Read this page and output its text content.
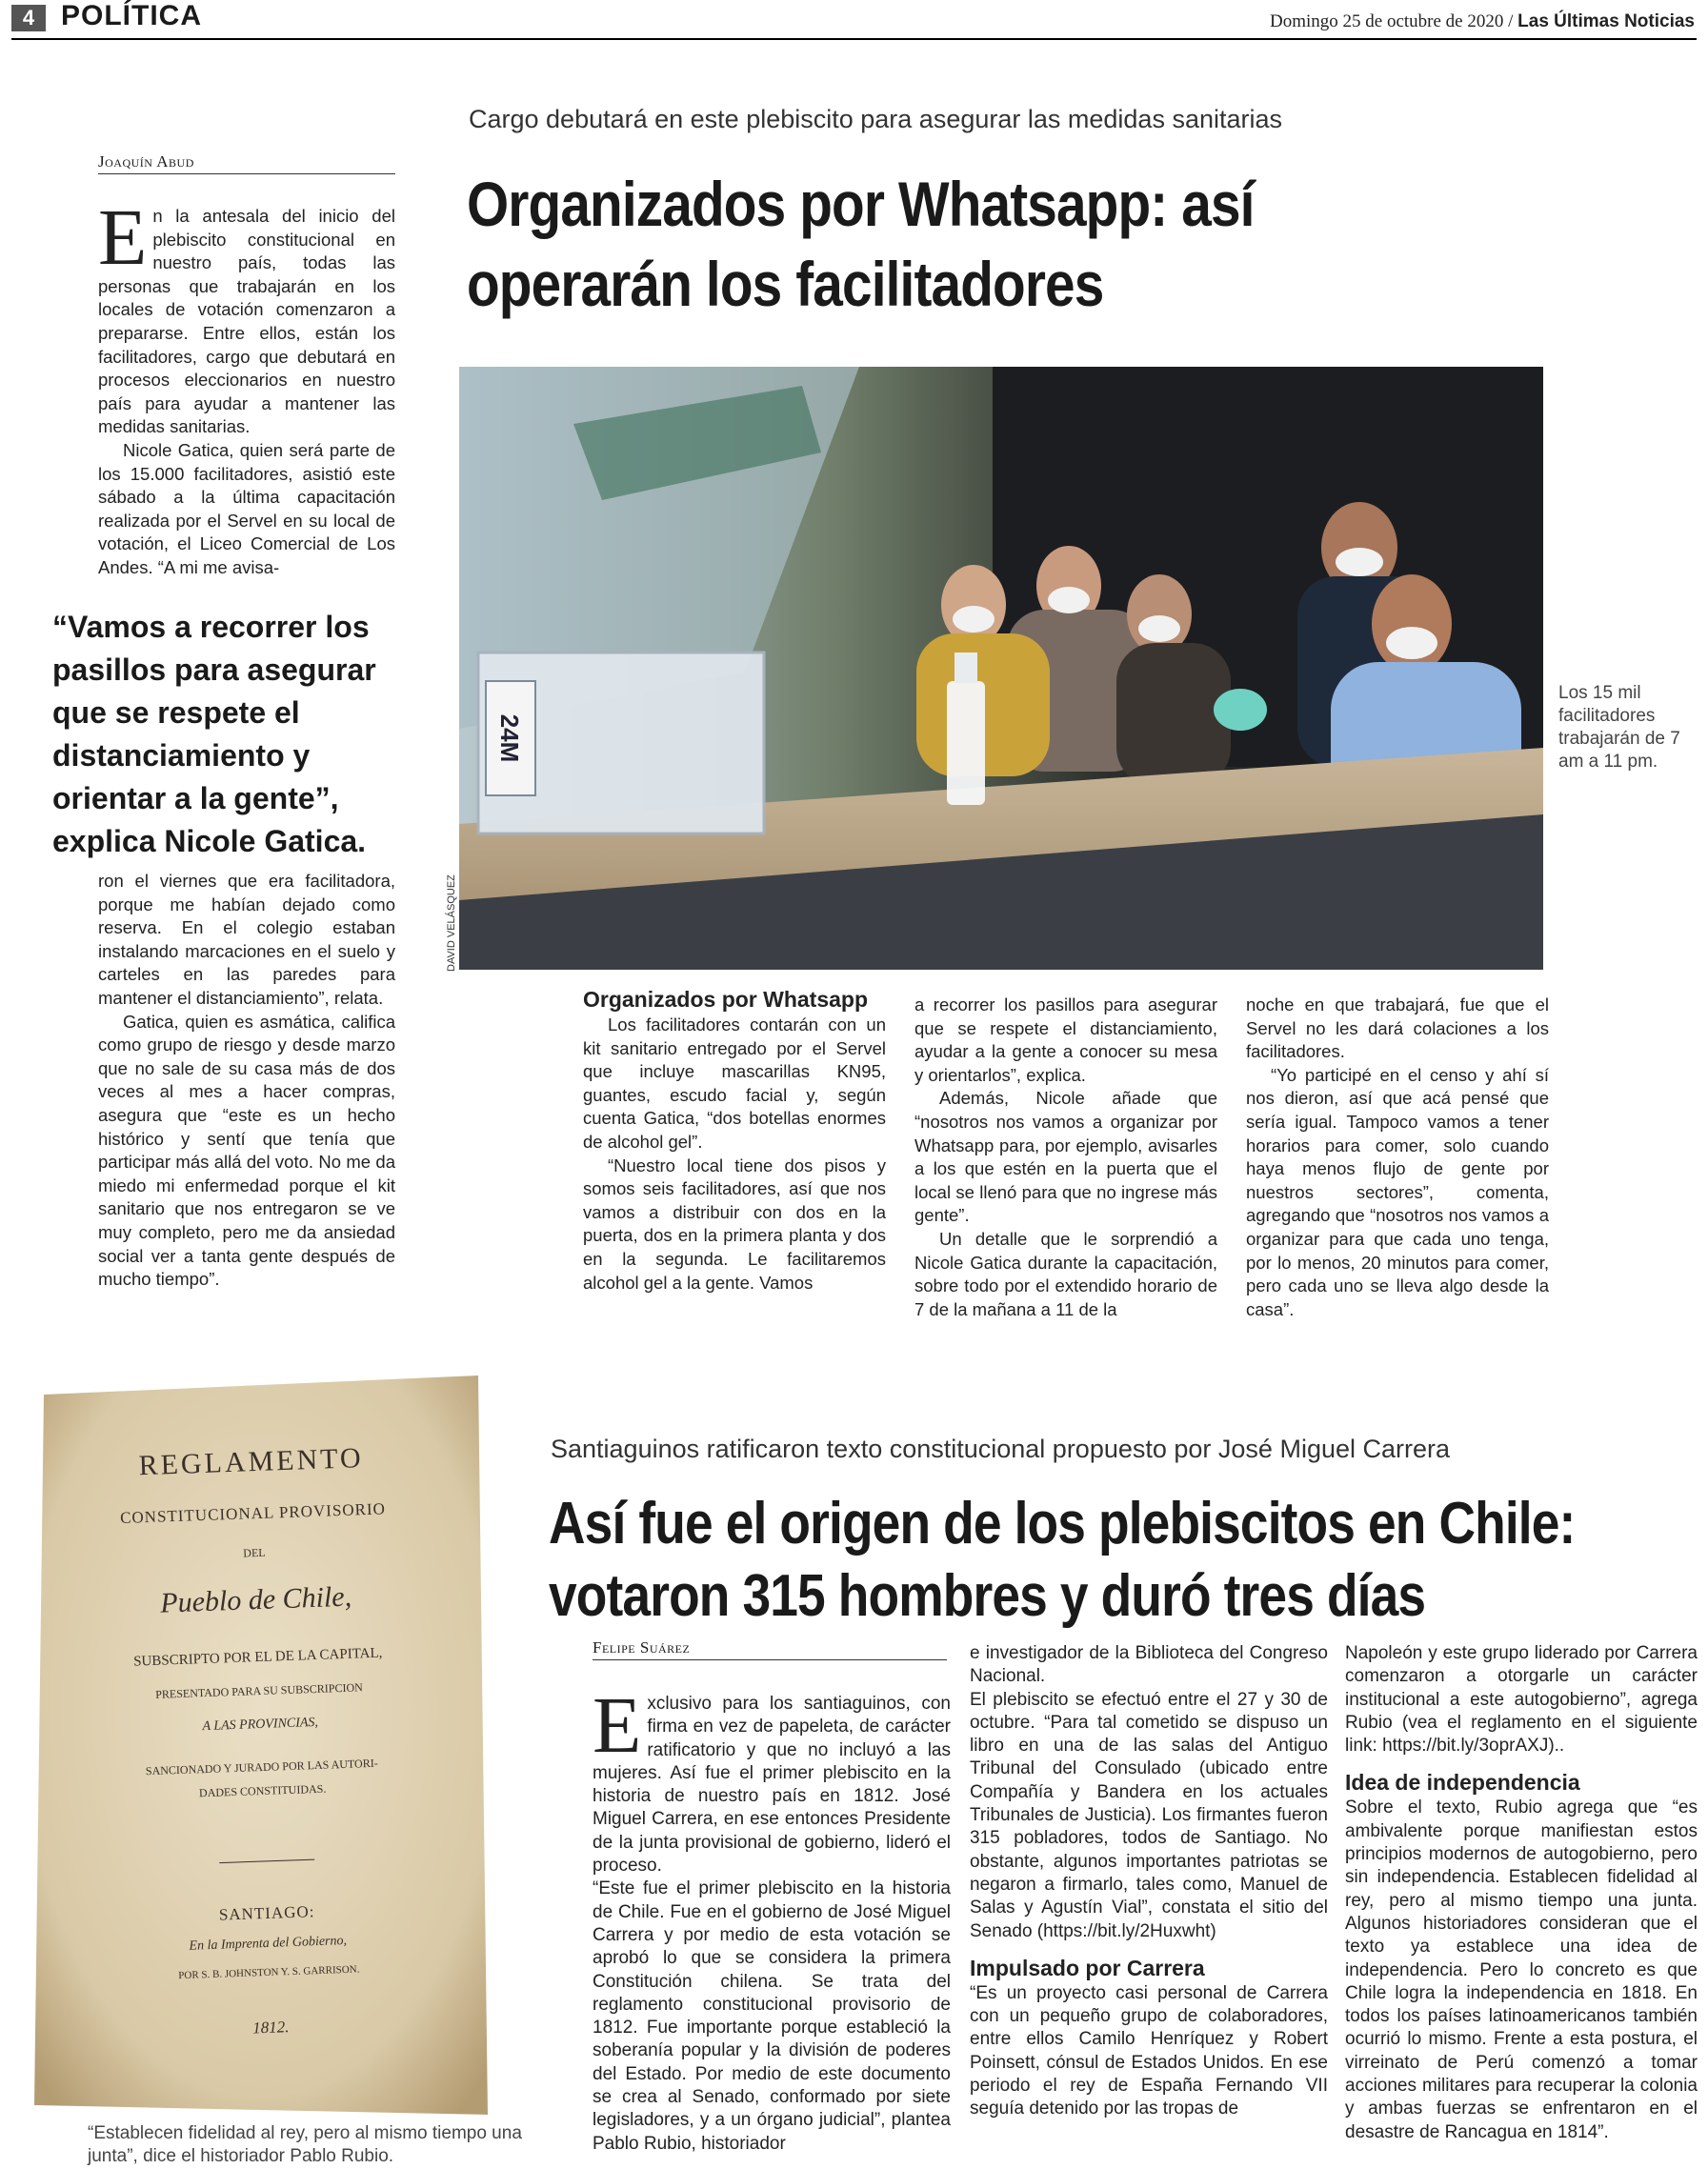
4 POLÍTICA	Domingo 25 de octubre de 2020 / Las Últimas Noticias
Cargo debutará en este plebiscito para asegurar las medidas sanitarias
Organizados por Whatsapp: así
operarán los facilitadores
Joaquín Abud

En la antesala del inicio del plebiscito constitucional en nuestro país, todas las personas que trabajarán en los locales de votación comenzaron a prepararse. Entre ellos, están los facilitadores, cargo que debutará en procesos eleccionarios en nuestro país para ayudar a mantener las medidas sanitarias.

Nicole Gatica, quien será parte de los 15.000 facilitadores, asistió este sábado a la última capacitación realizada por el Servel en su local de votación, el Liceo Comercial de Los Andes. “A mi me avisa-

“Vamos a recorrer los pasillos para asegurar que se respete el distanciamiento y orientar a la gente”, explica Nicole Gatica.

ron el viernes que era facilitadora, porque me habían dejado como reserva. En el colegio estaban instalando marcaciones en el suelo y carteles en las paredes para mantener el distanciamiento”, relata.

Gatica, quien es asmática, califica como grupo de riesgo y desde marzo que no sale de su casa más de dos veces al mes a hacer compras, asegura que “este es un hecho histórico y sentí que tenía que participar más allá del voto. No me da miedo mi enfermedad porque el kit sanitario que nos entregaron se ve muy completo, pero me da ansiedad social ver a tanta gente después de mucho tiempo”.

24M
DAVID VELÁSQUEZ
Los 15 mil facilitadores trabajarán de 7 am a 11 pm.
Organizados por Whatsapp

Los facilitadores contarán con un kit sanitario entregado por el Servel que incluye mascarillas KN95, guantes, escudo facial y, según cuenta Gatica, “dos botellas enormes de alcohol gel”.

“Nuestro local tiene dos pisos y somos seis facilitadores, así que nos vamos a distribuir con dos en la puerta, dos en la primera planta y dos en la segunda. Le facilitaremos alcohol gel a la gente. Vamos

a recorrer los pasillos para asegurar que se respete el distanciamiento, ayudar a la gente a conocer su mesa y orientarlos”, explica.

Además, Nicole añade que “nosotros nos vamos a organizar por Whatsapp para, por ejemplo, avisarles a los que estén en la puerta que el local se llenó para que no ingrese más gente”.

Un detalle que le sorprendió a Nicole Gatica durante la capacitación, sobre todo por el extendido horario de 7 de la mañana a 11 de la

noche en que trabajará, fue que el Servel no les dará colaciones a los facilitadores.

“Yo participé en el censo y ahí sí nos dieron, así que acá pensé que sería igual. Tampoco vamos a tener horarios para comer, solo cuando haya menos flujo de gente por nuestros sectores”, comenta, agregando que “nosotros nos vamos a organizar para que cada uno tenga, por lo menos, 20 minutos para comer, pero cada uno se lleva algo desde la casa”.

REGLAMENTO
CONSTITUCIONAL PROVISORIO
DEL
Pueblo de Chile,
SUBSCRIPTO POR EL DE LA CAPITAL,
PRESENTADO PARA SU SUBSCRIPCION
A LAS PROVINCIAS,
SANCIONADO Y JURADO POR LAS AUTORI-
DADES CONSTITUIDAS.
SANTIAGO:
En la Imprenta del Gobierno,
POR S. B. JOHNSTON Y. S. GARRISON.
1812.
“Establecen fidelidad al rey, pero al mismo tiempo una junta”, dice el historiador Pablo Rubio.
Santiaguinos ratificaron texto constitucional propuesto por José Miguel Carrera
Así fue el origen de los plebiscitos en Chile:
votaron 315 hombres y duró tres días
Felipe Suárez

Exclusivo para los santiaguinos, con firma en vez de papeleta, de carácter ratificatorio y que no incluyó a las mujeres. Así fue el primer plebiscito en la historia de nuestro país en 1812. José Miguel Carrera, en ese entonces Presidente de la junta provisional de gobierno, lideró el proceso.

“Este fue el primer plebiscito en la historia de Chile. Fue en el gobierno de José Miguel Carrera y por medio de esta votación se aprobó lo que se considera la primera Constitución chilena. Se trata del reglamento constitucional provisorio de 1812. Fue importante porque estableció la soberanía popular y la división de poderes del Estado. Por medio de este documento se crea al Senado, conformado por siete legisladores, y a un órgano judicial”, plantea Pablo Rubio, historiador

e investigador de la Biblioteca del Congreso Nacional.

El plebiscito se efectuó entre el 27 y 30 de octubre. “Para tal cometido se dispuso un libro en una de las salas del Antiguo Tribunal del Consulado (ubicado entre Compañía y Bandera en los actuales Tribunales de Justicia). Los firmantes fueron 315 pobladores, todos de Santiago. No obstante, algunos importantes patriotas se negaron a firmarlo, tales como, Manuel de Salas y Agustín Vial”, constata el sitio del Senado (https://bit.ly/2Huxwht)

Impulsado por Carrera

“Es un proyecto casi personal de Carrera con un pequeño grupo de colaboradores, entre ellos Camilo Henríquez y Robert Poinsett, cónsul de Estados Unidos. En ese periodo el rey de España Fernando VII seguía detenido por las tropas de

Napoleón y este grupo liderado por Carrera comenzaron a otorgarle un carácter institucional a este autogobierno”, agrega Rubio (vea el reglamento en el siguiente link: https://bit.ly/3oprAXJ)..

Idea de independencia

Sobre el texto, Rubio agrega que “es ambivalente porque manifiestan estos principios modernos de autogobierno, pero sin independencia. Establecen fidelidad al rey, pero al mismo tiempo una junta. Algunos historiadores consideran que el texto ya establece una idea de independencia. Pero lo concreto es que Chile logra la independencia en 1818. En todos los países latinoamericanos también ocurrió lo mismo. Frente a esta postura, el virreinato de Perú comenzó a tomar acciones militares para recuperar la colonia y ambas fuerzas se enfrentaron en el desastre de Rancagua en 1814”.
